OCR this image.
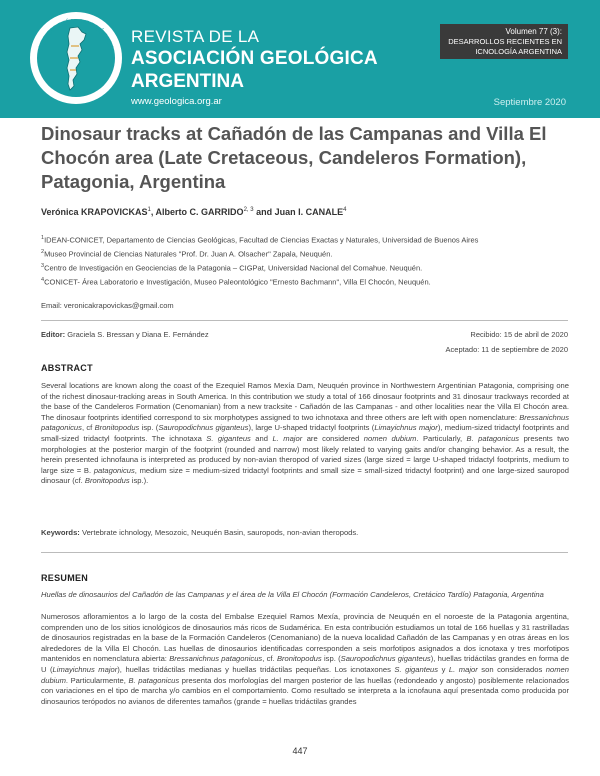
ASOCIACIÓN GEOLÓGICA
ARGENTINA
REVISTA DE LA
ASOCIACIÓN GEOLÓGICA
ARGENTINA
www.geologica.org.ar
Volumen 77 (3):
DESARROLLOS RECIENTES EN
ICNOLOGÍA ARGENTINA
Septiembre 2020
Dinosaur tracks at Cañadón de las Campanas and Villa El
Chocón area (Late Cretaceous, Candeleros Formation),
Patagonia, Argentina
Verónica KRAPOVICKAS$^1$, Alberto C. GARRIDO$^{2, 3}$ and Juan I. CANALE$^4$
$^1$IDEAN-CONICET, Departamento de Ciencias Geológicas, Facultad de Ciencias Exactas y Naturales, Universidad de Buenos Aires
$^2$Museo Provincial de Ciencias Naturales "Prof. Dr. Juan A. Olsacher" Zapala, Neuquén.
$^3$Centro de Investigación en Geociencias de la Patagonia – CIGPat, Universidad Nacional del Comahue. Neuquén.
$^4$CONICET- Área Laboratorio e Investigación, Museo Paleontológico "Ernesto Bachmann", Villa El Chocón, Neuquén.
Email: veronicakrapovickas@gmail.com
Editor: Graciela S. Bressan y Diana E. Fernández	Recibido: 15 de abril de 2020
Aceptado: 11 de septiembre de 2020
ABSTRACT
Several locations are known along the coast of the Ezequiel Ramos Mexía Dam, Neuquén province in Northwestern Argentinian Patagonia, comprising one of the richest dinosaur-tracking areas in South America. In this contribution we study a total of 166 dinosaur footprints and 31 dinosaur trackways recorded at the base of the Candeleros Formation (Cenomanian) from a new tracksite - Cañadón de las Campanas - and other localities near the Villa El Chocón area. The dinosaur footprints identified correspond to six morphotypes assigned to two ichnotaxa and three others are left with open nomenclature: Bressanichnus patagonicus, cf Bronitopodus isp. (Sauropodichnus giganteus), large U-shaped tridactyl footprints (Limayichnus major), medium-sized tridactyl footprints and small-sized tridactyl footprints. The ichnotaxa S. giganteus and L. major are considered nomen dubium. Particularly, B. patagonicus presents two morphologies at the posterior margin of the footprint (rounded and narrow) most likely related to varying gaits and/or changing behavior. As a result, the herein presented ichnofauna is interpreted as produced by non-avian theropod of varied sizes (large sized = large U-shaped tridactyl footprints, medium to large size = B. patagonicus, medium size = medium-sized tridactyl footprints and small size = small-sized tridactyl footprint) and one large-sized sauropod dinosaur (cf. Bronitopodus isp.).
Keywords: Vertebrate ichnology, Mesozoic, Neuquén Basin, sauropods, non-avian theropods.
RESUMEN
Huellas de dinosaurios del Cañadón de las Campanas y el área de la Villa El Chocón (Formación Candeleros, Cretácico Tardío) Patagonia, Argentina
Numerosos afloramientos a lo largo de la costa del Embalse Ezequiel Ramos Mexía, provincia de Neuquén en el noroeste de la Patagonia argentina, comprenden uno de los sitios icnológicos de dinosaurios más ricos de Sudamérica. En esta contribución estudiamos un total de 166 huellas y 31 rastrilladas de dinosaurios registradas en la base de la Formación Candeleros (Cenomaniano) de la nueva localidad Cañadón de las Campanas y en otras áreas en los alrededores de la Villa El Chocón. Las huellas de dinosaurios identificadas corresponden a seis morfotipos asignados a dos icnotaxa y tres morfotipos mantenidos en nomenclatura abierta: Bressanichnus patagonicus, cf. Bronitopodus isp. (Sauropodichnus giganteus), huellas tridáctilas grandes en forma de U (Limayichnus major), huellas tridáctilas medianas y huellas tridáctilas pequeñas. Los icnotaxones S. giganteus y L. major son considerados nomen dubium. Particularmente, B. patagonicus presenta dos morfologías del margen posterior de las huellas (redondeado y angosto) posiblemente relacionados con variaciones en el tipo de marcha y/o cambios en el comportamiento. Como resultado se interpreta a la icnofauna aquí presentada como producida por dinosaurios terópodos no avianos de diferentes tamaños (grande = huellas tridáctilas grandes
447
